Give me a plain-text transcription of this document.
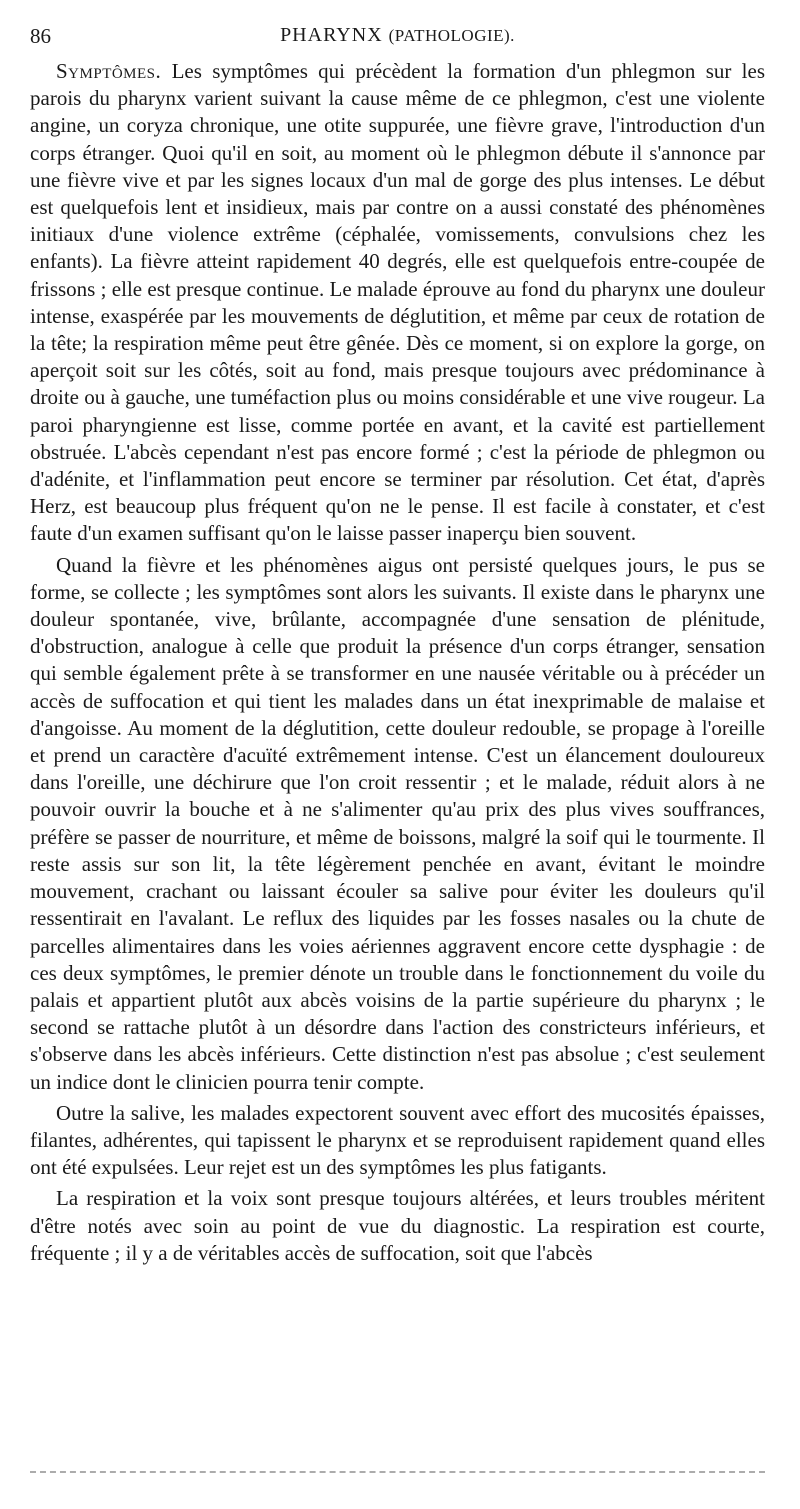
86	PHARYNX (PATHOLOGIE).

Symptômes. Les symptômes qui précèdent la formation d'un phlegmon sur les parois du pharynx varient suivant la cause même de ce phlegmon, c'est une violente angine, un coryza chronique, une otite suppurée, une fièvre grave, l'introduction d'un corps étranger. Quoi qu'il en soit, au moment où le phlegmon débute il s'annonce par une fièvre vive et par les signes locaux d'un mal de gorge des plus intenses. Le début est quelquefois lent et insidieux, mais par contre on a aussi constaté des phénomènes initiaux d'une violence extrême (céphalée, vomissements, convulsions chez les enfants). La fièvre atteint rapidement 40 degrés, elle est quelquefois entre-coupée de frissons ; elle est presque continue. Le malade éprouve au fond du pharynx une douleur intense, exaspérée par les mouvements de déglutition, et même par ceux de rotation de la tête; la respiration même peut être gênée. Dès ce moment, si on explore la gorge, on aperçoit soit sur les côtés, soit au fond, mais presque toujours avec prédominance à droite ou à gauche, une tuméfaction plus ou moins considérable et une vive rougeur. La paroi pharyngienne est lisse, comme portée en avant, et la cavité est partiellement obstruée. L'abcès cependant n'est pas encore formé ; c'est la période de phlegmon ou d'adénite, et l'inflammation peut encore se terminer par résolution. Cet état, d'après Herz, est beaucoup plus fréquent qu'on ne le pense. Il est facile à constater, et c'est faute d'un examen suffisant qu'on le laisse passer inaperçu bien souvent.

Quand la fièvre et les phénomènes aigus ont persisté quelques jours, le pus se forme, se collecte ; les symptômes sont alors les suivants. Il existe dans le pharynx une douleur spontanée, vive, brûlante, accompagnée d'une sensation de plénitude, d'obstruction, analogue à celle que produit la présence d'un corps étranger, sensation qui semble également prête à se transformer en une nausée véritable ou à précéder un accès de suffocation et qui tient les malades dans un état inexprimable de malaise et d'angoisse. Au moment de la déglutition, cette douleur redouble, se propage à l'oreille et prend un caractère d'acuïté extrêmement intense. C'est un élancement douloureux dans l'oreille, une déchirure que l'on croit ressentir ; et le malade, réduit alors à ne pouvoir ouvrir la bouche et à ne s'alimenter qu'au prix des plus vives souffrances, préfère se passer de nourriture, et même de boissons, malgré la soif qui le tourmente. Il reste assis sur son lit, la tête légèrement penchée en avant, évitant le moindre mouvement, crachant ou laissant écouler sa salive pour éviter les douleurs qu'il ressentirait en l'avalant. Le reflux des liquides par les fosses nasales ou la chute de parcelles alimentaires dans les voies aériennes aggravent encore cette dysphagie : de ces deux symptômes, le premier dénote un trouble dans le fonctionnement du voile du palais et appartient plutôt aux abcès voisins de la partie supérieure du pharynx ; le second se rattache plutôt à un désordre dans l'action des constricteurs inférieurs, et s'observe dans les abcès inférieurs. Cette distinction n'est pas absolue ; c'est seulement un indice dont le clinicien pourra tenir compte.

Outre la salive, les malades expectorent souvent avec effort des mucosités épaisses, filantes, adhérentes, qui tapissent le pharynx et se reproduisent rapidement quand elles ont été expulsées. Leur rejet est un des symptômes les plus fatigants.

La respiration et la voix sont presque toujours altérées, et leurs troubles méritent d'être notés avec soin au point de vue du diagnostic. La respiration est courte, fréquente ; il y a de véritables accès de suffocation, soit que l'abcès
